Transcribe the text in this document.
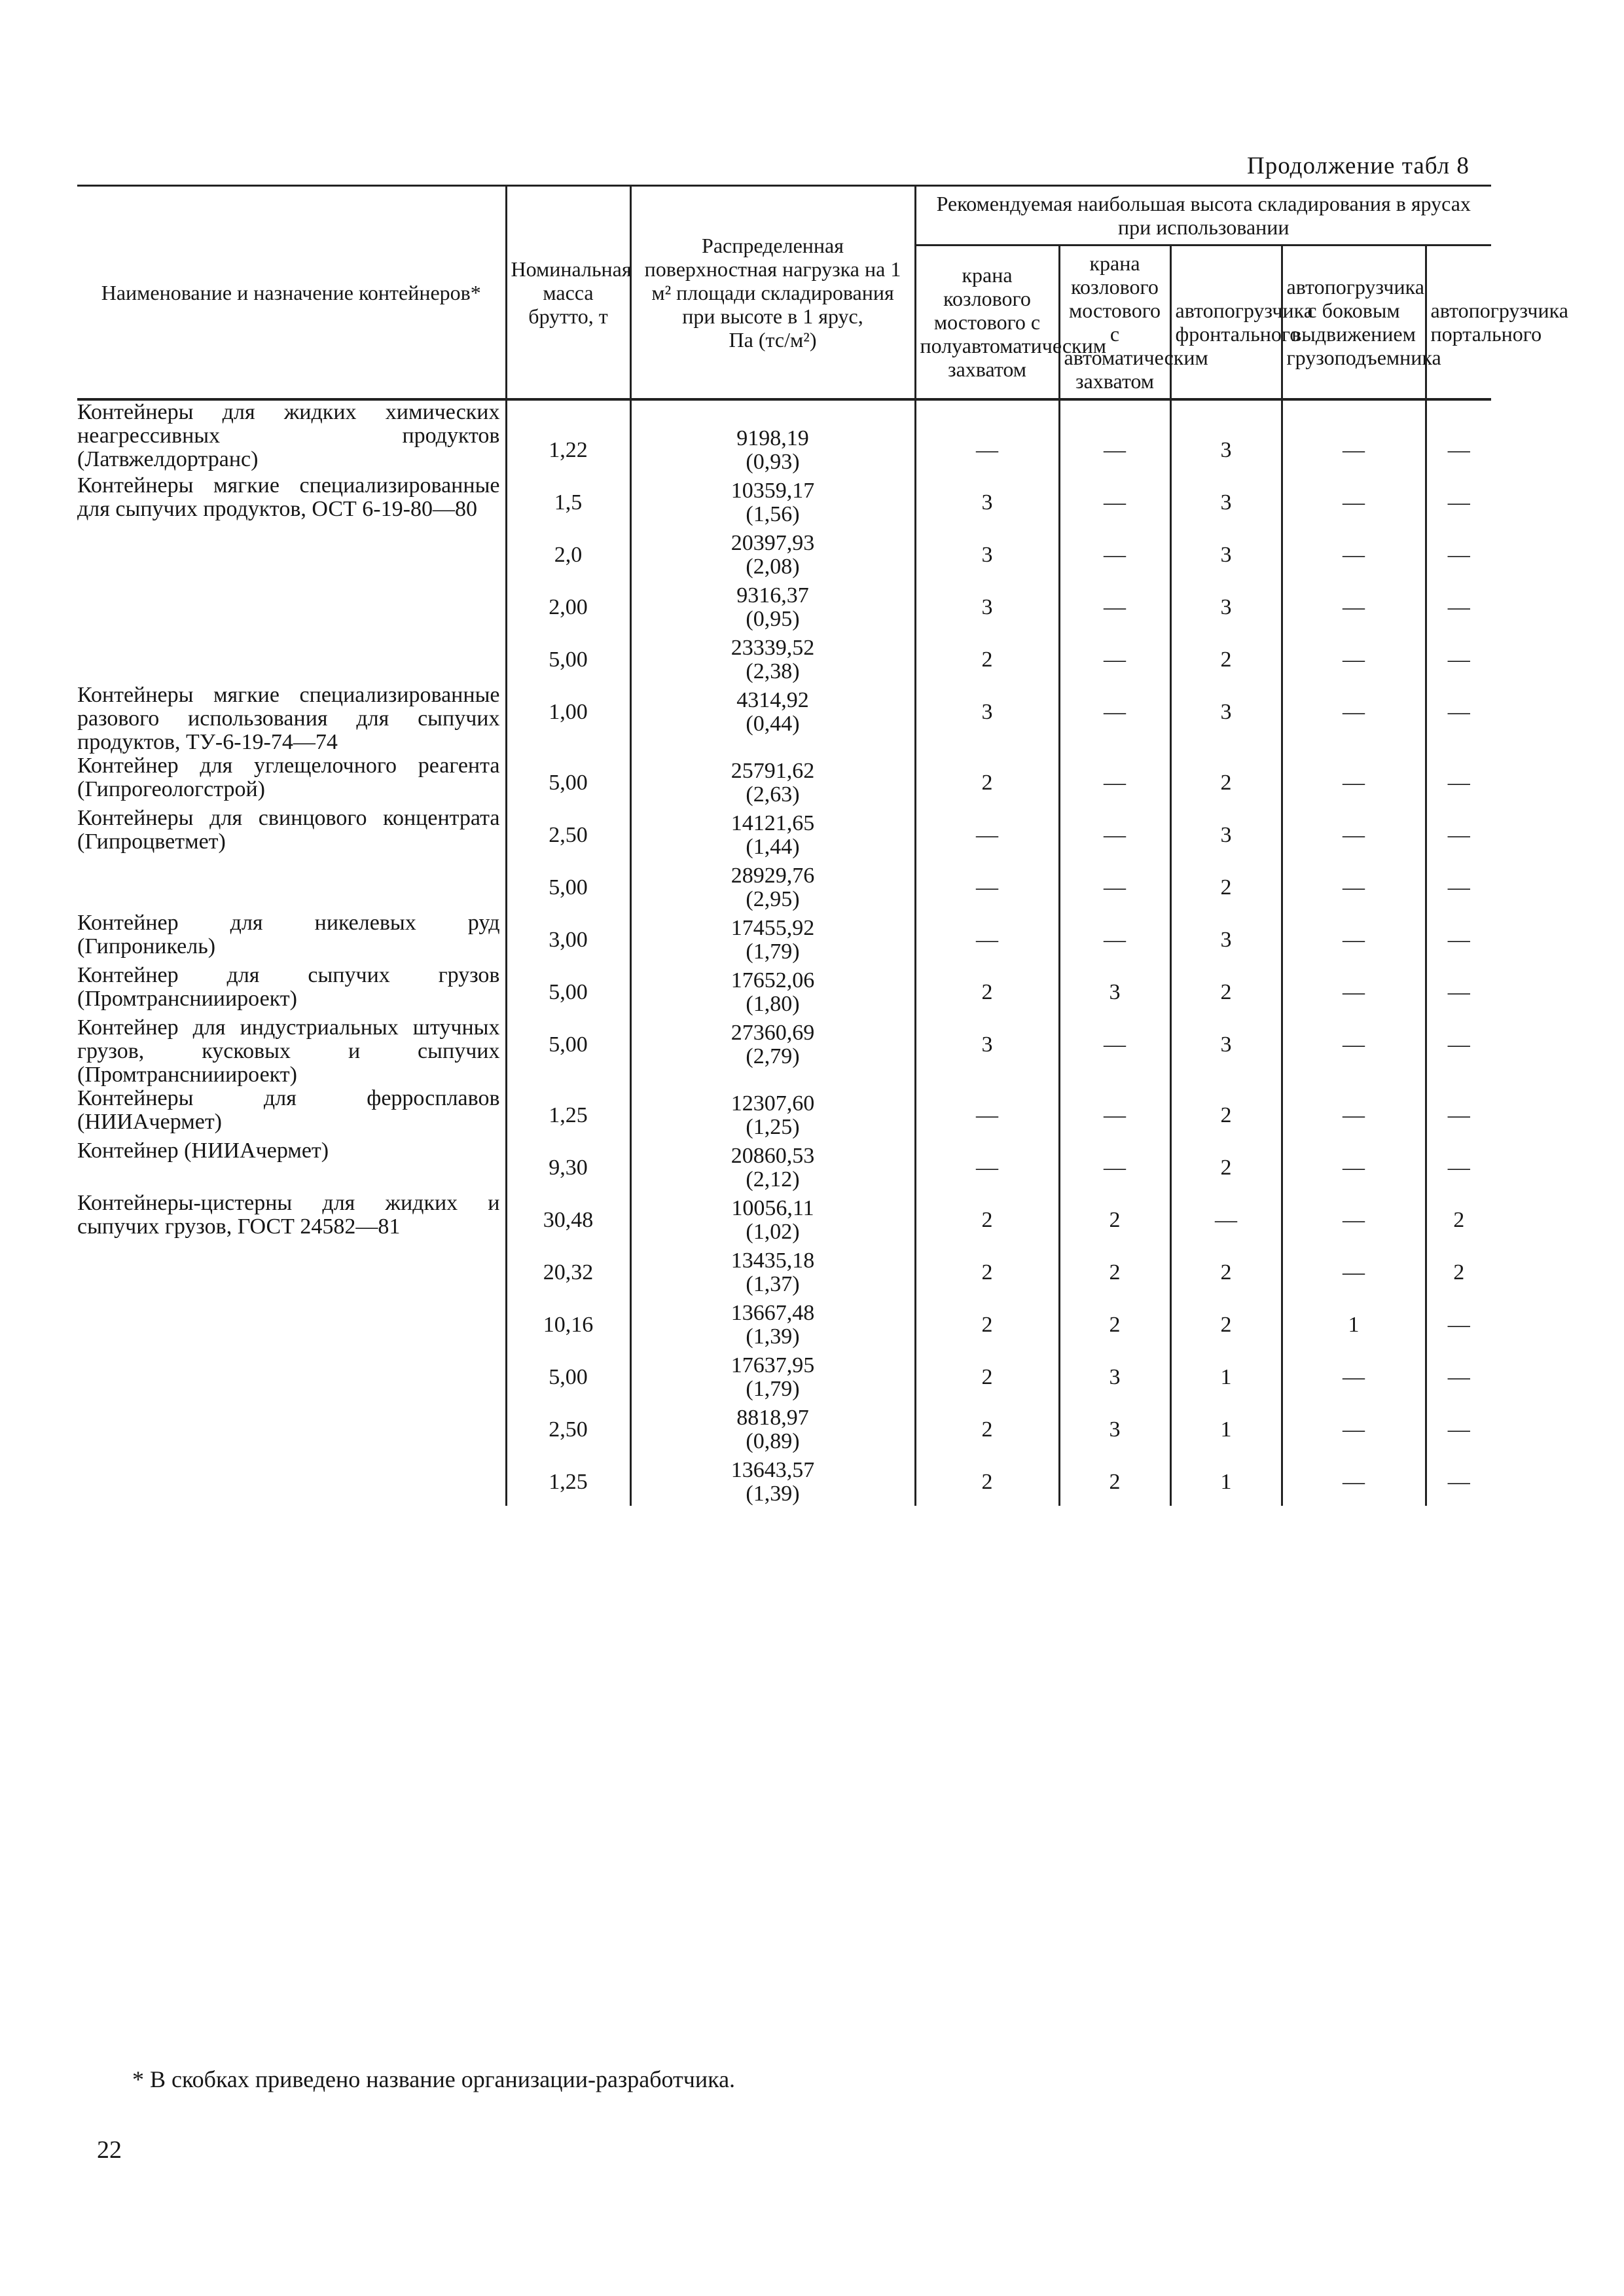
Продолжение табл 8
Наименование и назначение контейнеров*	Номинальная масса брутто, т	Распределенная поверхностная нагрузка на 1 м² площади складирования при высоте в 1 ярус,
Па (тс/м²)	Рекомендуемая наибольшая высота складирования в ярусах при использовании				
			крана козлового мостового с полуавтоматическим захватом	крана козлового мостового с автоматическим захватом	автопогрузчика фронтального	автопогрузчика с боковым выдвижением грузоподъемника	автопогрузчика портального
Контейнеры для жидких химических неагрессивных продуктов (Латвжелдортранс)	1,22	9198,19
(0,93)	—	—	3	—	—

Контейнеры мягкие специализированные для сыпучих продуктов, ОСТ 6-19-80—80	1,5	10359,17
(1,56)	3	—	3	—	—

	2,0	20397,93
(2,08)	3	—	3	—	—

	2,00	9316,37
(0,95)	3	—	3	—	—

	5,00	23339,52
(2,38)	2	—	2	—	—

Контейнеры мягкие специализированные разового использования для сыпучих продуктов, ТУ-6-19-74—74	1,00	4314,92
(0,44)	3	—	3	—	—

Контейнер для углещелочного реагента (Гипрогеологстрой)	5,00	25791,62
(2,63)	2	—	2	—	—

Контейнеры для свинцового концентрата (Гипроцветмет)	2,50	14121,65
(1,44)	—	—	3	—	—

	5,00	28929,76
(2,95)	—	—	2	—	—

Контейнер для никелевых руд (Гипроникель)	3,00	17455,92
(1,79)	—	—	3	—	—

Контейнер для сыпучих грузов (Промтранснииироект)	5,00	17652,06
(1,80)	2	3	2	—	—

Контейнер для индустриальных штучных грузов, кусковых и сыпучих (Промтранснииироект)	5,00	27360,69
(2,79)	3	—	3	—	—

Контейнеры для ферросплавов (НИИАчермет)	1,25	12307,60
(1,25)	—	—	2	—	—

Контейнер (НИИАчермет)	9,30	20860,53
(2,12)	—	—	2	—	—

Контейнеры-цистерны для жидких и сыпучих грузов, ГОСТ 24582—81	30,48	10056,11
(1,02)	2	2	—	—	2

	20,32	13435,18
(1,37)	2	2	2	—	2

	10,16	13667,48
(1,39)	2	2	2	1	—

	5,00	17637,95
(1,79)	2	3	1	—	—

	2,50	8818,97
(0,89)	2	3	1	—	—

	1,25	13643,57
(1,39)	2	2	1	—	—
* В скобках приведено название организации-разработчика.
22
